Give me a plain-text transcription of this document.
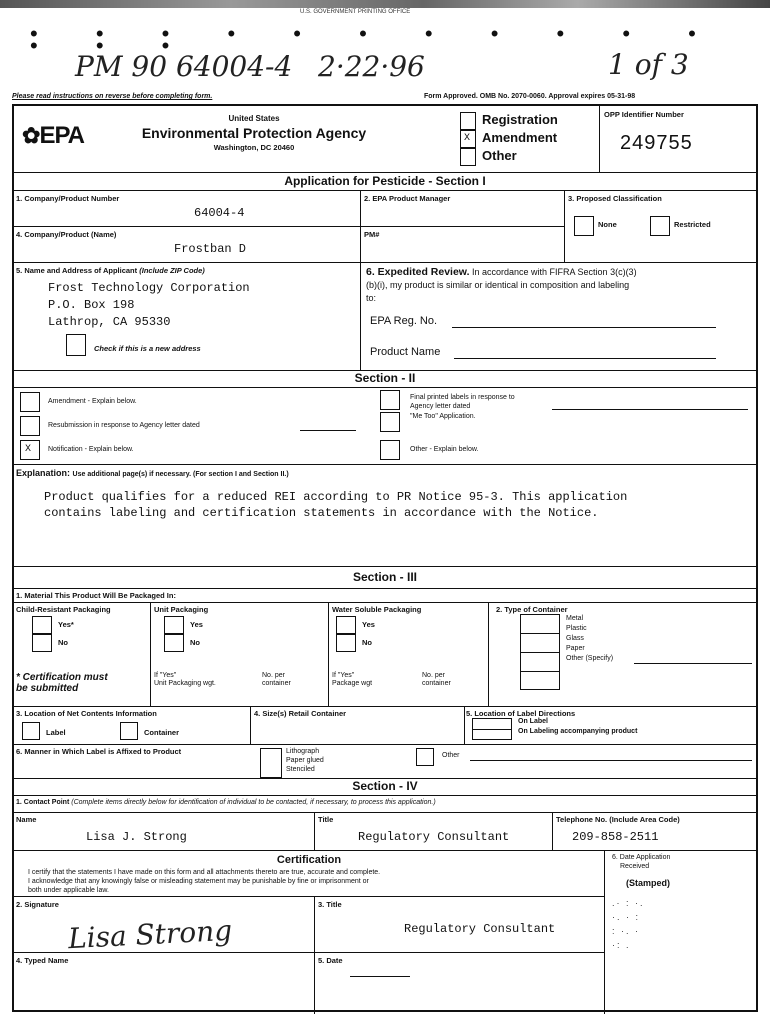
U.S. GOVERNMENT PRINTING OFFICE
• • • • • • • • • • • • • •
PM 90 64004-4 2·22·96	1 of 3
Please read instructions on reverse before completing form.	Form Approved. OMB No. 2070-0060. Approval expires 05-31-98
✿EPA
United States
Environmental Protection Agency
Washington, DC 20460
X
Registration
Amendment
Other
OPP Identifier Number
249755
Application for Pesticide - Section I
1. Company/Product Number
64004-4
2. EPA Product Manager	3. Proposed Classification
None	Restricted
4. Company/Product (Name)
Frostban D
PM#
5. Name and Address of Applicant (Include ZIP Code)
Frost Technology Corporation
P.O. Box 198
Lathrop, CA 95330
Check if this is a new address
6. Expedited Review. In accordance with FIFRA Section 3(c)(3)
(b)(i), my product is similar or identical in composition and labeling
to:
EPA Reg. No.
Product Name
Section - II
Amendment - Explain below.
Resubmission in response to Agency letter dated
X Notification - Explain below.
Final printed labels in response to
Agency letter dated
"Me Too" Application.
Other - Explain below.
Explanation: Use additional page(s) if necessary. (For section I and Section II.)
Product qualifies for a reduced REI according to PR Notice 95-3. This application
contains labeling and certification statements in accordance with the Notice.
Section - III
1. Material This Product Will Be Packaged In:
Child-Resistant Packaging
Yes*
No
* Certification must
be submitted
Unit Packaging
Yes
No
If "Yes"
Unit Packaging wgt.
No. per
container
Water Soluble Packaging
Yes
No
If "Yes"
Package wgt
No. per
container
2. Type of Container
Metal
Plastic
Glass
Paper
Other (Specify)
3. Location of Net Contents Information
Label	Container
4. Size(s) Retail Container	5. Location of Label Directions
On Label
On Labeling accompanying product
6. Manner in Which Label is Affixed to Product	Lithograph
Paper glued
Stenciled
Other
Section - IV
1. Contact Point (Complete items directly below for identification of individual to be contacted, if necessary, to process this application.)
Name
Lisa J. Strong
Title
Regulatory Consultant
Telephone No. (Include Area Code)
209-858-2511
Certification
I certify that the statements I have made on this form and all attachments thereto are true, accurate and complete.
I acknowledge that any knowingly false or misleading statement may be punishable by fine or imprisonment or
both under applicable law.
6. Date Application
Received
(Stamped)
.· : ·.
·. · :
: ·. ·
·: .
2. Signature
Lisa Strong
3. Title
Regulatory Consultant
4. Typed Name	5. Date
